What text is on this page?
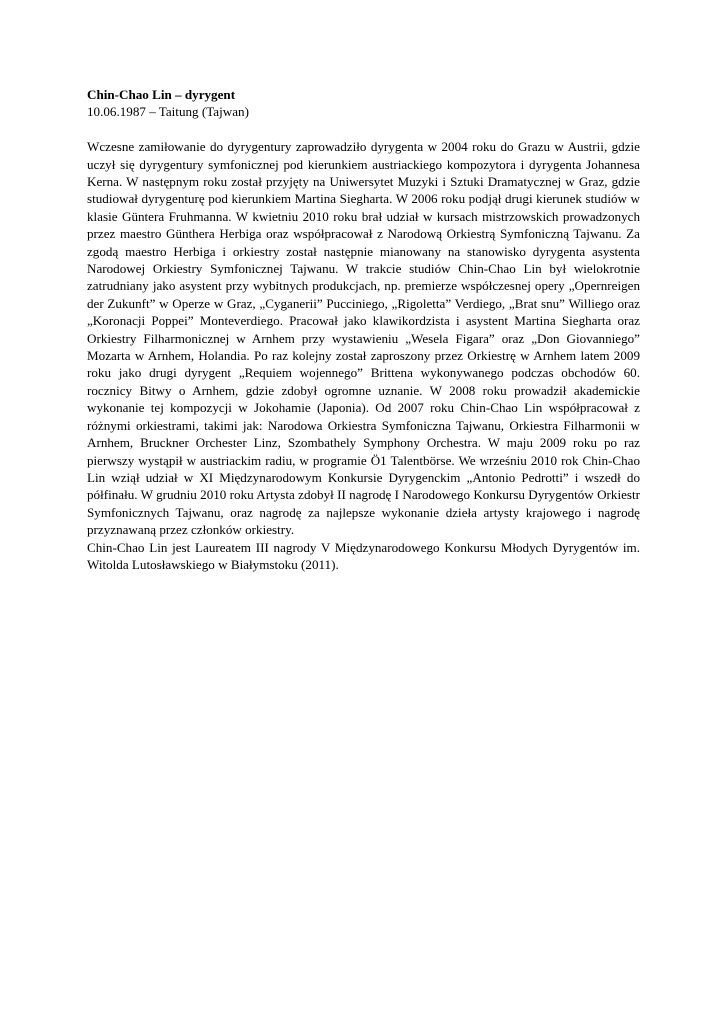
Chin-Chao Lin – dyrygent

10.06.1987 – Taitung (Tajwan)

Wczesne zamiłowanie do dyrygentury zaprowadziło dyrygenta w 2004 roku do Grazu w Austrii, gdzie uczył się dyrygentury symfonicznej pod kierunkiem austriackiego kompozytora i dyrygenta Johannesa Kerna. W następnym roku został przyjęty na Uniwersytet Muzyki i Sztuki Dramatycznej w Graz, gdzie studiował dyrygenturę pod kierunkiem Martina Siegharta. W 2006 roku podjął drugi kierunek studiów w klasie Güntera Fruhmanna. W kwietniu 2010 roku brał udział w kursach mistrzowskich prowadzonych przez maestro Günthera Herbiga oraz współpracował z Narodową Orkiestrą Symfoniczną Tajwanu. Za zgodą maestro Herbiga i orkiestry został następnie mianowany na stanowisko dyrygenta asystenta Narodowej Orkiestry Symfonicznej Tajwanu. W trakcie studiów Chin-Chao Lin był wielokrotnie zatrudniany jako asystent przy wybitnych produkcjach, np. premierze współczesnej opery „Opernreigen der Zukunft” w Operze w Graz, „Cyganerii” Pucciniego, „Rigoletta” Verdiego, „Brat snu” Williego oraz „Koronacji Poppei” Monteverdiego. Pracował jako klawikordzista i asystent Martina Siegharta oraz Orkiestry Filharmonicznej w Arnhem przy wystawieniu „Wesela Figara” oraz „Don Giovanniego” Mozarta w Arnhem, Holandia. Po raz kolejny został zaproszony przez Orkiestrę w Arnhem latem 2009 roku jako drugi dyrygent „Requiem wojennego” Brittena wykonywanego podczas obchodów 60. rocznicy Bitwy o Arnhem, gdzie zdobył ogromne uznanie. W 2008 roku prowadził akademickie wykonanie tej kompozycji w Jokohamie (Japonia). Od 2007 roku Chin-Chao Lin współpracował z różnymi orkiestrami, takimi jak: Narodowa Orkiestra Symfoniczna Tajwanu, Orkiestra Filharmonii w Arnhem, Bruckner Orchester Linz, Szombathely Symphony Orchestra. W maju 2009 roku po raz pierwszy wystąpił w austriackim radiu, w programie Ö1 Talentbörse. We wrześniu 2010 rok Chin-Chao Lin wziął udział w XI Międzynarodowym Konkursie Dyrygenckim „Antonio Pedrotti” i wszedł do półfinału. W grudniu 2010 roku Artysta zdobył II nagrodę I Narodowego Konkursu Dyrygentów Orkiestr Symfonicznych Tajwanu, oraz nagrodę za najlepsze wykonanie dzieła artysty krajowego i nagrodę przyznawaną przez członków orkiestry.

Chin-Chao Lin jest Laureatem III nagrody V Międzynarodowego Konkursu Młodych Dyrygentów im. Witolda Lutosławskiego w Białymstoku (2011).
